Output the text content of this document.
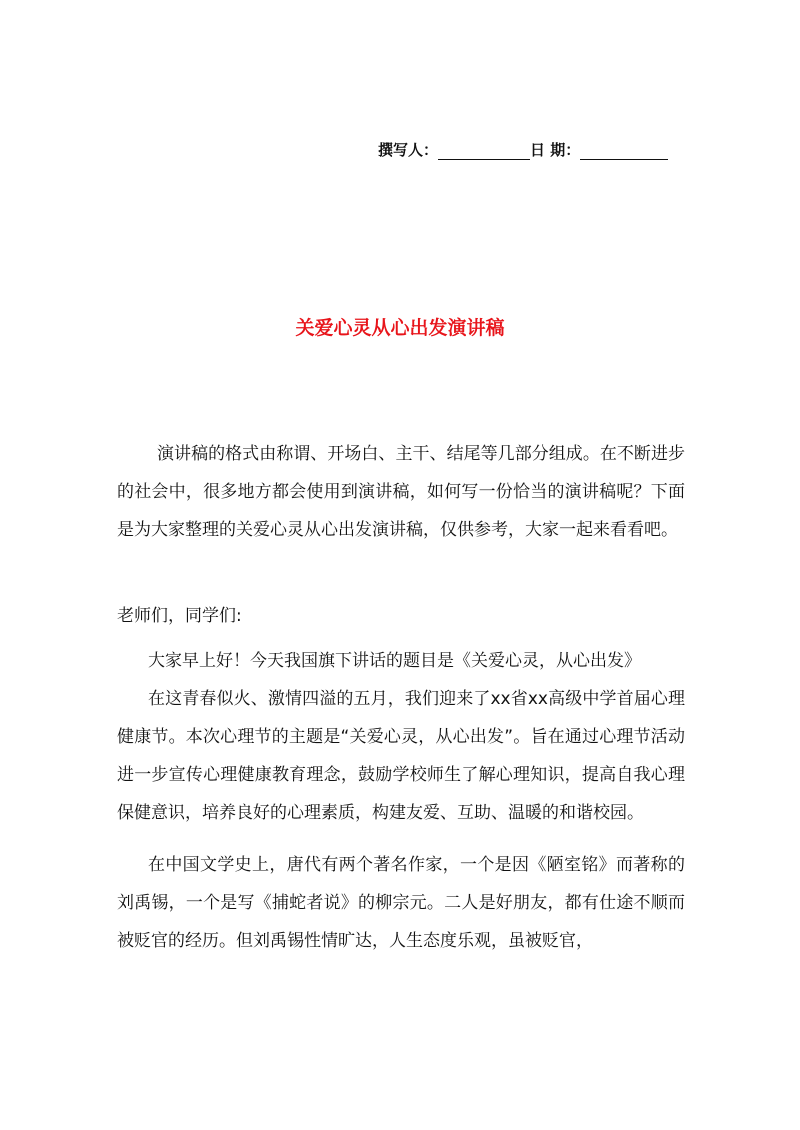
撰写人：	日 期：
关爱心灵从心出发演讲稿

演讲稿的格式由称谓、开场白、主干、结尾等几部分组成。在不断进步的社会中，很多地方都会使用到演讲稿，如何写一份恰当的演讲稿呢？下面是为大家整理的关爱心灵从心出发演讲稿，仅供参考，大家一起来看看吧。

老师们，同学们:

大家早上好！今天我国旗下讲话的题目是《关爱心灵，从心出发》

在这青春似火、激情四溢的五月，我们迎来了xx省xx高级中学首届心理健康节。本次心理节的主题是“关爱心灵，从心出发”。旨在通过心理节活动进一步宣传心理健康教育理念，鼓励学校师生了解心理知识，提高自我心理保健意识，培养良好的心理素质，构建友爱、互助、温暖的和谐校园。

在中国文学史上，唐代有两个著名作家，一个是因《陋室铭》而著称的刘禹锡，一个是写《捕蛇者说》的柳宗元。二人是好朋友，都有仕途不顺而被贬官的经历。但刘禹锡性情旷达，人生态度乐观，虽被贬官，
